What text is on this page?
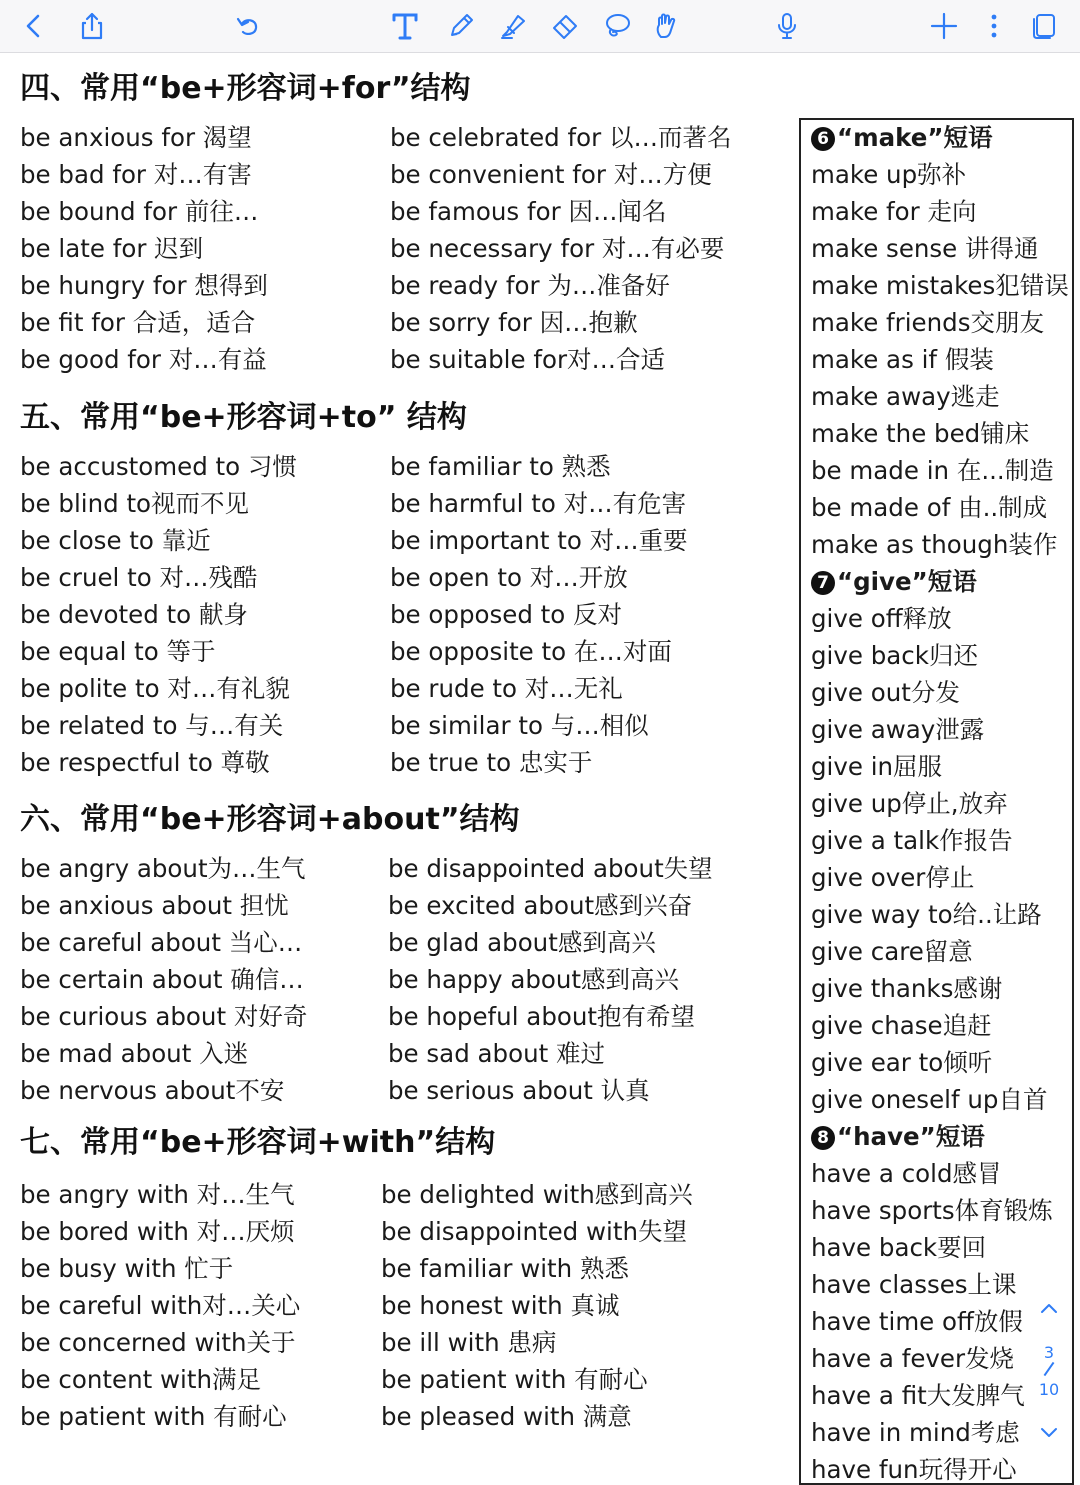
四、常用“be+形容词+for”结构
be anxious for 渴望	be celebrated for 以…而著名
be bad for 对…有害	be convenient for 对…方便
be bound for 前往…	be famous for 因…闻名
be late for 迟到	be necessary for 对…有必要
be hungry for 想得到	be ready for 为…准备好
be fit for 合适，适合	be sorry for 因…抱歉
be good for 对…有益	be suitable for对…合适
五、常用“be+形容词+to” 结构
be accustomed to 习惯	be familiar to 熟悉
be blind to视而不见	be harmful to 对…有危害
be close to 靠近	be important to 对…重要
be cruel to 对…残酷	be open to 对…开放
be devoted to 献身	be opposed to 反对
be equal to 等于	be opposite to 在…对面
be polite to 对…有礼貌	be rude to 对…无礼
be related to 与…有关	be similar to 与…相似
be respectful to 尊敬	be true to 忠实于
六、常用“be+形容词+about”结构
be angry about为…生气	be disappointed about失望
be anxious about 担忧	be excited about感到兴奋
be careful about 当心…	be glad about感到高兴
be certain about 确信…	be happy about感到高兴
be curious about 对好奇	be hopeful about抱有希望
be mad about 入迷	be sad about 难过
be nervous about不安	be serious about 认真
七、常用“be+形容词+with”结构
be angry with 对…生气	be delighted with感到高兴
be bored with 对…厌烦	be disappointed with失望
be busy with 忙于	be familiar with 熟悉
be careful with对…关心	be honest with 真诚
be concerned with关于	be ill with 患病
be content with满足	be patient with 有耐心
be patient with 有耐心	be pleased with 满意
6 “make”短语
make up弥补
make for 走向
make sense 讲得通
make mistakes犯错误
make friends交朋友
make as if 假装
make away逃走
make the bed铺床
be made in 在...制造
be made of 由..制成
make as though装作
7 “give”短语
give off释放
give back归还
give out分发
give away泄露
give in屈服
give up停止,放弃
give a talk作报告
give over停止
give way to给..让路
give care留意
give thanks感谢
give chase追赶
give ear to倾听
give oneself up自首
8 “have”短语
have a cold感冒
have sports体育锻炼
have back要回
have classes上课
have time off放假
have a fever发烧
have a fit大发脾气
have in mind考虑
have fun玩得开心
3
10
